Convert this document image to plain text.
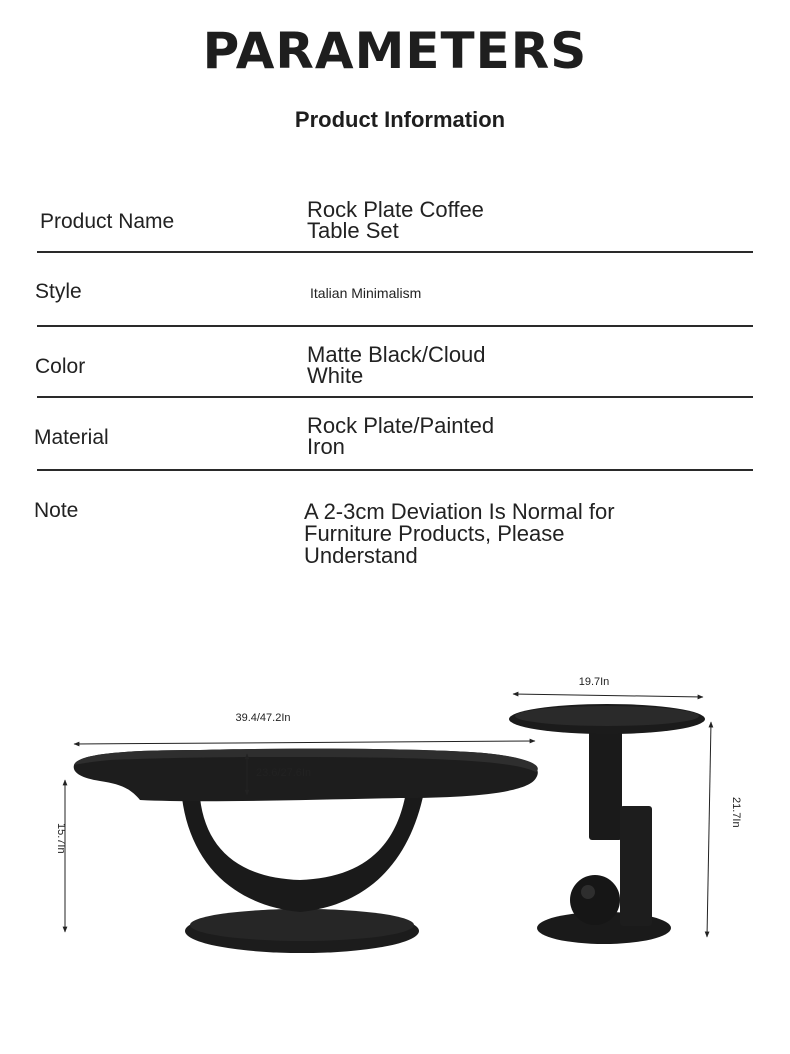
PARAMETERS
Product Information
Product Name	Rock Plate Coffee
Table Set
Style	Italian Minimalism
Color	Matte Black/Cloud
White
Material	Rock Plate/Painted
Iron
Note	A 2-3cm Deviation Is Normal for
Furniture Products, Please
Understand
39.4/47.2In
23.6/27.6In
15.7In
19.7In
21.7In
